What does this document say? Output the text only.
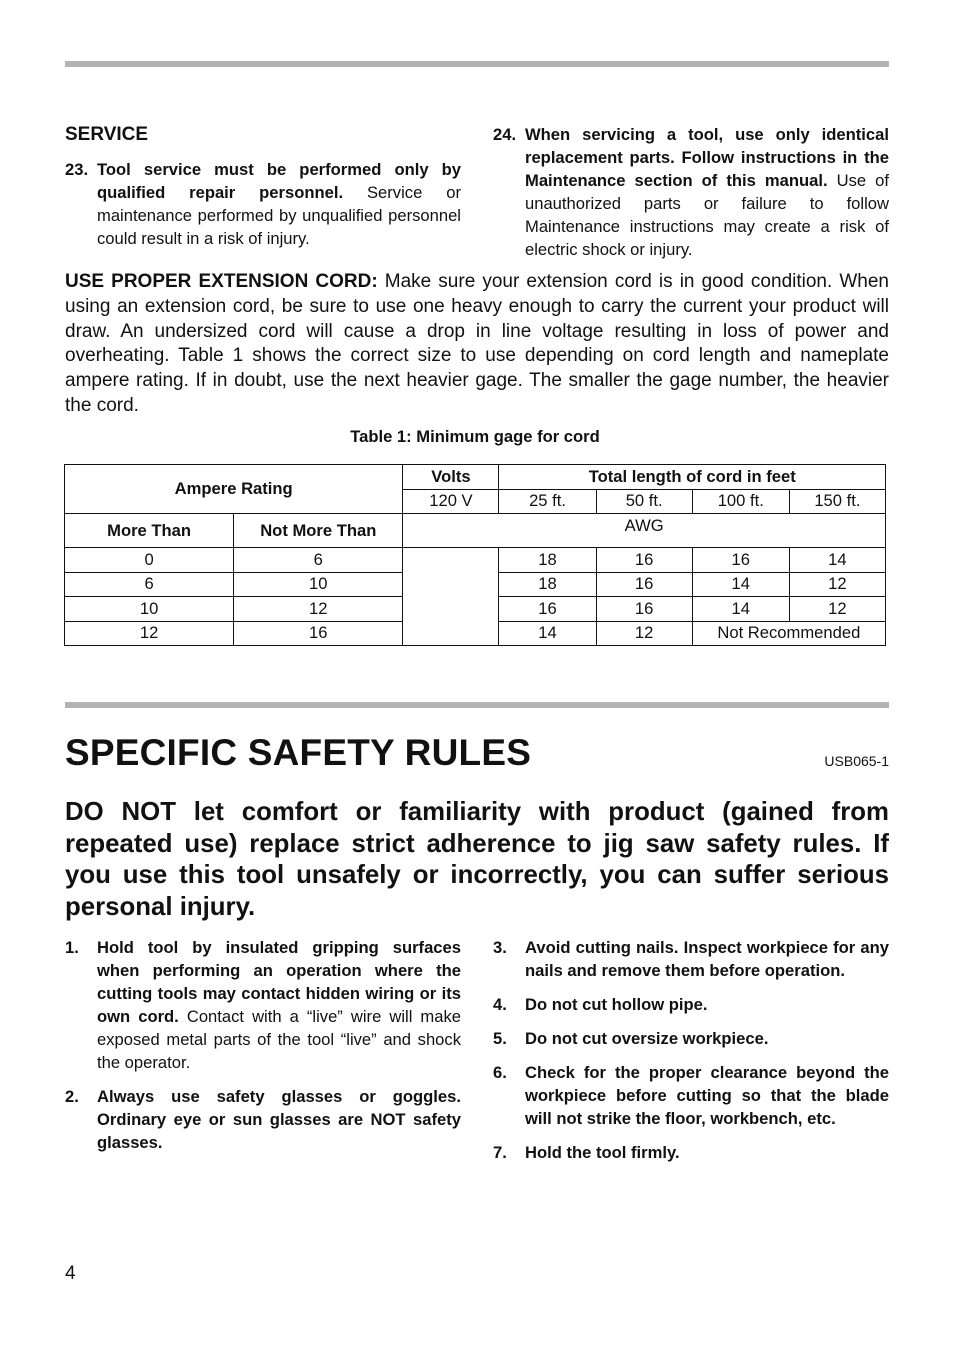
SERVICE

23. Tool service must be performed only by qualified repair personnel. Service or maintenance performed by unqualified personnel could result in a risk of injury.
24. When servicing a tool, use only identical replacement parts. Follow instructions in the Maintenance section of this manual. Use of unauthorized parts or failure to follow Maintenance instructions may create a risk of electric shock or injury.

USE PROPER EXTENSION CORD: Make sure your extension cord is in good condition. When using an extension cord, be sure to use one heavy enough to carry the current your product will draw. An undersized cord will cause a drop in line voltage resulting in loss of power and overheating. Table 1 shows the correct size to use depending on cord length and nameplate ampere rating. If in doubt, use the next heavier gage. The smaller the gage number, the heavier the cord.

Table 1: Minimum gage for cord
Ampere Rating		Volts	Total length of cord in feet			
		120 V	25 ft.	50 ft.	100 ft.	150 ft.
More Than	Not More Than	AWG				
0	6		18	16	16	14
6	10		18	16	14	12
10	12		16	16	14	12
12	16		14	12	Not Recommended	
SPECIFIC SAFETY RULES	USB065-1
DO NOT let comfort or familiarity with product (gained from repeated use) replace strict adherence to jig saw safety rules. If you use this tool unsafely or incorrectly, you can suffer serious personal injury.
1. Hold tool by insulated gripping surfaces when performing an operation where the cutting tools may contact hidden wiring or its own cord. Contact with a “live” wire will make exposed metal parts of the tool “live” and shock the operator.
2. Always use safety glasses or goggles. Ordinary eye or sun glasses are NOT safety glasses.
3. Avoid cutting nails. Inspect workpiece for any nails and remove them before operation.
4. Do not cut hollow pipe.
5. Do not cut oversize workpiece.
6. Check for the proper clearance beyond the workpiece before cutting so that the blade will not strike the floor, workbench, etc.
7. Hold the tool firmly.
4
